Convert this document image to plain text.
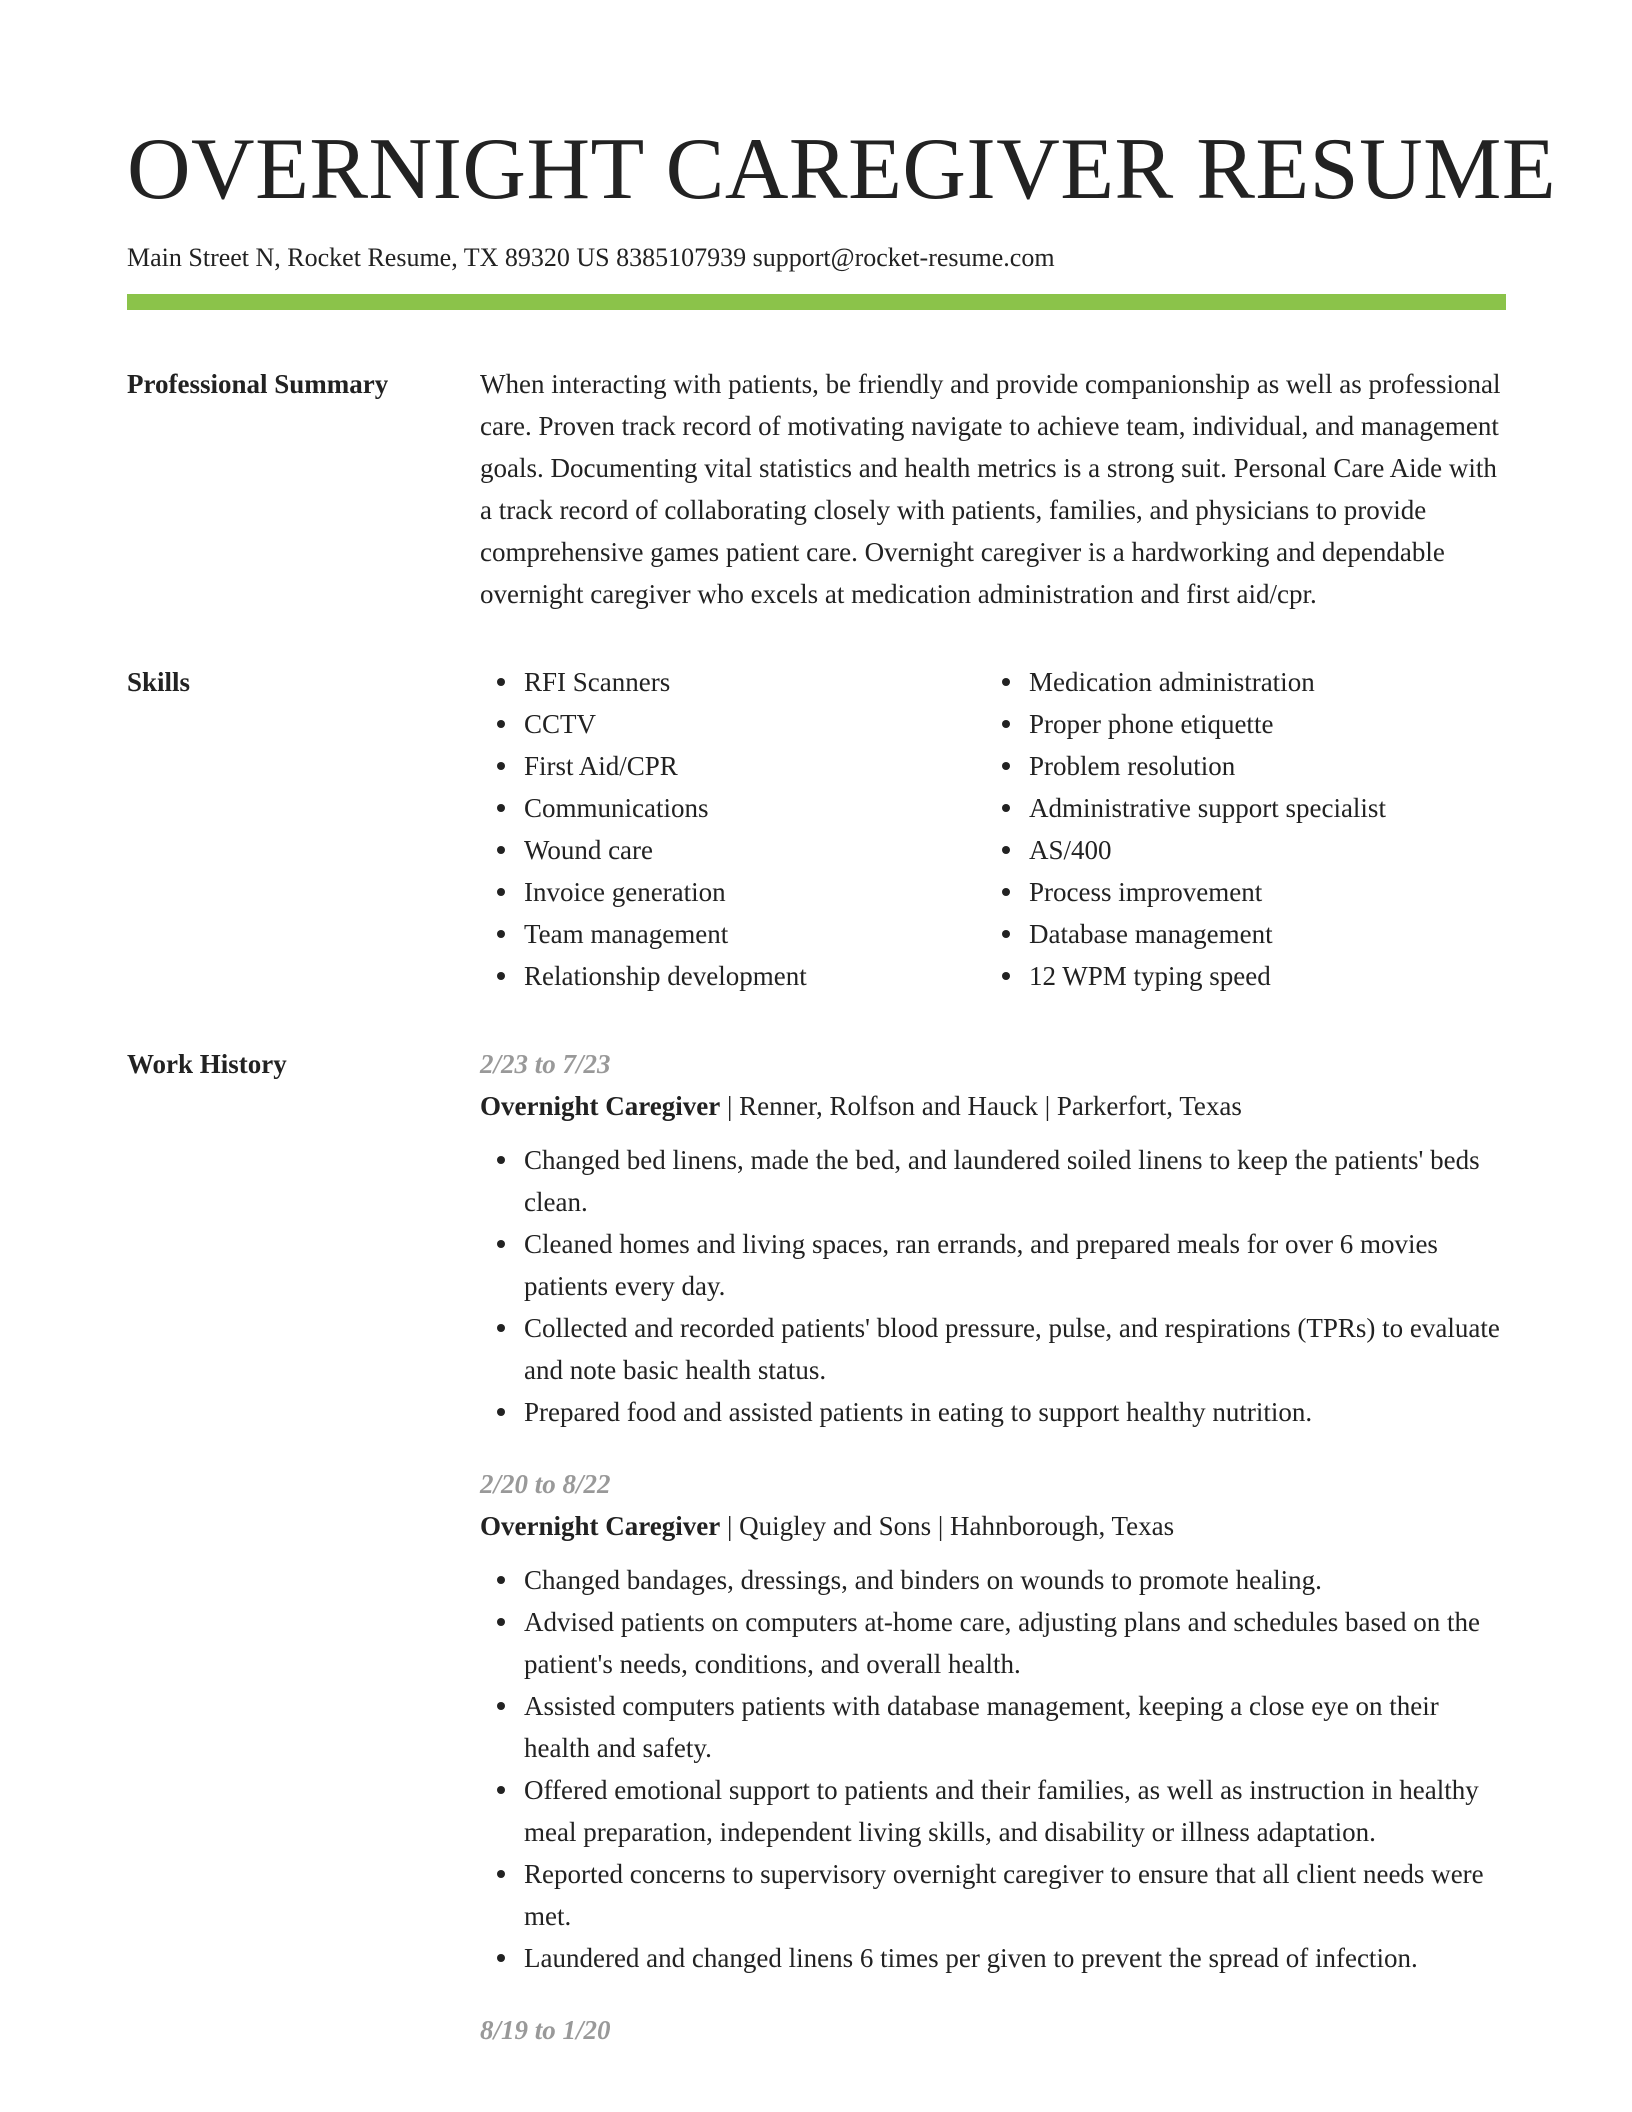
OVERNIGHT CAREGIVER RESUME
Main Street N, Rocket Resume, TX 89320 US 8385107939 support@rocket-resume.com
Professional Summary	When interacting with patients, be friendly and provide companionship as well as professional care. Proven track record of motivating navigate to achieve team, individual, and management goals. Documenting vital statistics and health metrics is a strong suit. Personal Care Aide with a track record of collaborating closely with patients, families, and physicians to provide comprehensive games patient care. Overnight caregiver is a hardworking and dependable overnight caregiver who excels at medication administration and first aid/cpr.

Skills	RFI Scanners
CCTV
First Aid/CPR
Communications
Wound care
Invoice generation
Team management
Relationship development
Medication administration
Proper phone etiquette
Problem resolution
Administrative support specialist
AS/400
Process improvement
Database management
12 WPM typing speed
Work History	2/23 to 7/23
Overnight Caregiver | Renner, Rolfson and Hauck | Parkerfort, Texas
Changed bed linens, made the bed, and laundered soiled linens to keep the patients' beds clean.
Cleaned homes and living spaces, ran errands, and prepared meals for over 6 movies patients every day.
Collected and recorded patients' blood pressure, pulse, and respirations (TPRs) to evaluate and note basic health status.
Prepared food and assisted patients in eating to support healthy nutrition.
2/20 to 8/22
Overnight Caregiver | Quigley and Sons | Hahnborough, Texas
Changed bandages, dressings, and binders on wounds to promote healing.
Advised patients on computers at-home care, adjusting plans and schedules based on the patient's needs, conditions, and overall health.
Assisted computers patients with database management, keeping a close eye on their health and safety.
Offered emotional support to patients and their families, as well as instruction in healthy meal preparation, independent living skills, and disability or illness adaptation.
Reported concerns to supervisory overnight caregiver to ensure that all client needs were met.
Laundered and changed linens 6 times per given to prevent the spread of infection.
8/19 to 1/20
